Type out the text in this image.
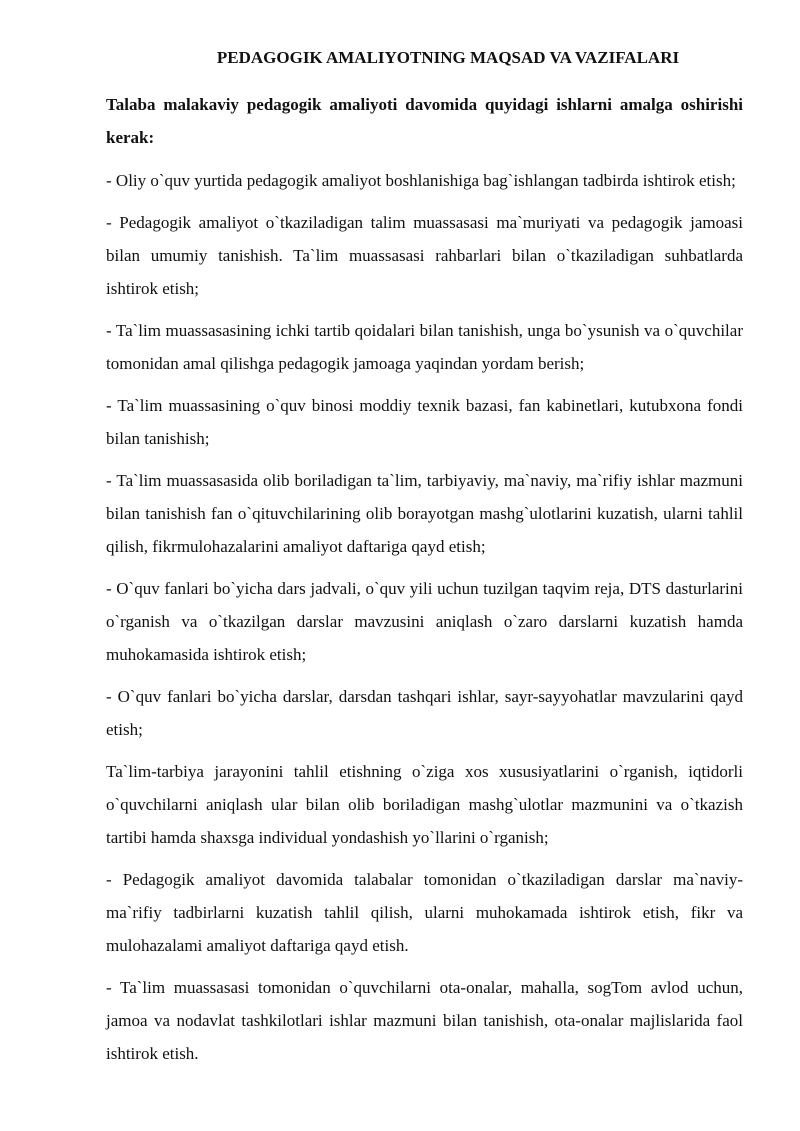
PEDAGOGIK AMALIYOTNING MAQSAD VA VAZIFALARI

Talaba malakaviy pedagogik amaliyoti davomida quyidagi ishlarni amalga oshirishi kerak:

- Oliy o`quv yurtida pedagogik amaliyot boshlanishiga bag`ishlangan tadbirda ishtirok etish;

- Pedagogik amaliyot o`tkaziladigan talim muassasasi ma`muriyati va pedagogik jamoasi bilan umumiy tanishish. Ta`lim muassasasi rahbarlari bilan o`tkaziladigan suhbatlarda ishtirok etish;

- Ta`lim muassasasining ichki tartib qoidalari bilan tanishish, unga bo`ysunish va o`quvchilar tomonidan amal qilishga pedagogik jamoaga yaqindan yordam berish;

- Ta`lim muassasining o`quv binosi moddiy texnik bazasi, fan kabinetlari, kutubxona fondi bilan tanishish;

- Ta`lim muassasasida olib boriladigan ta`lim, tarbiyaviy, ma`naviy, ma`rifiy ishlar mazmuni bilan tanishish fan o`qituvchilarining olib borayotgan mashg`ulotlarini kuzatish, ularni tahlil qilish, fikrmulohazalarini amaliyot daftariga qayd etish;

- O`quv fanlari bo`yicha dars jadvali, o`quv yili uchun tuzilgan taqvim reja, DTS dasturlarini o`rganish va o`tkazilgan darslar mavzusini aniqlash o`zaro darslarni kuzatish hamda muhokamasida ishtirok etish;

- O`quv fanlari bo`yicha darslar, darsdan tashqari ishlar, sayr-sayyohatlar mavzularini qayd etish;

Ta`lim-tarbiya jarayonini tahlil etishning o`ziga xos xususiyatlarini o`rganish, iqtidorli o`quvchilarni aniqlash ular bilan olib boriladigan mashg`ulotlar mazmunini va o`tkazish tartibi hamda shaxsga individual yondashish yo`llarini o`rganish;

- Pedagogik amaliyot davomida talabalar tomonidan o`tkaziladigan darslar ma`naviy-ma`rifiy tadbirlarni kuzatish tahlil qilish, ularni muhokamada ishtirok etish, fikr va mulohazalami amaliyot daftariga qayd etish.

- Ta`lim muassasasi tomonidan o`quvchilarni ota-onalar, mahalla, sogTom avlod uchun, jamoa va nodavlat tashkilotlari ishlar mazmuni bilan tanishish, ota-onalar majlislarida faol ishtirok etish.
